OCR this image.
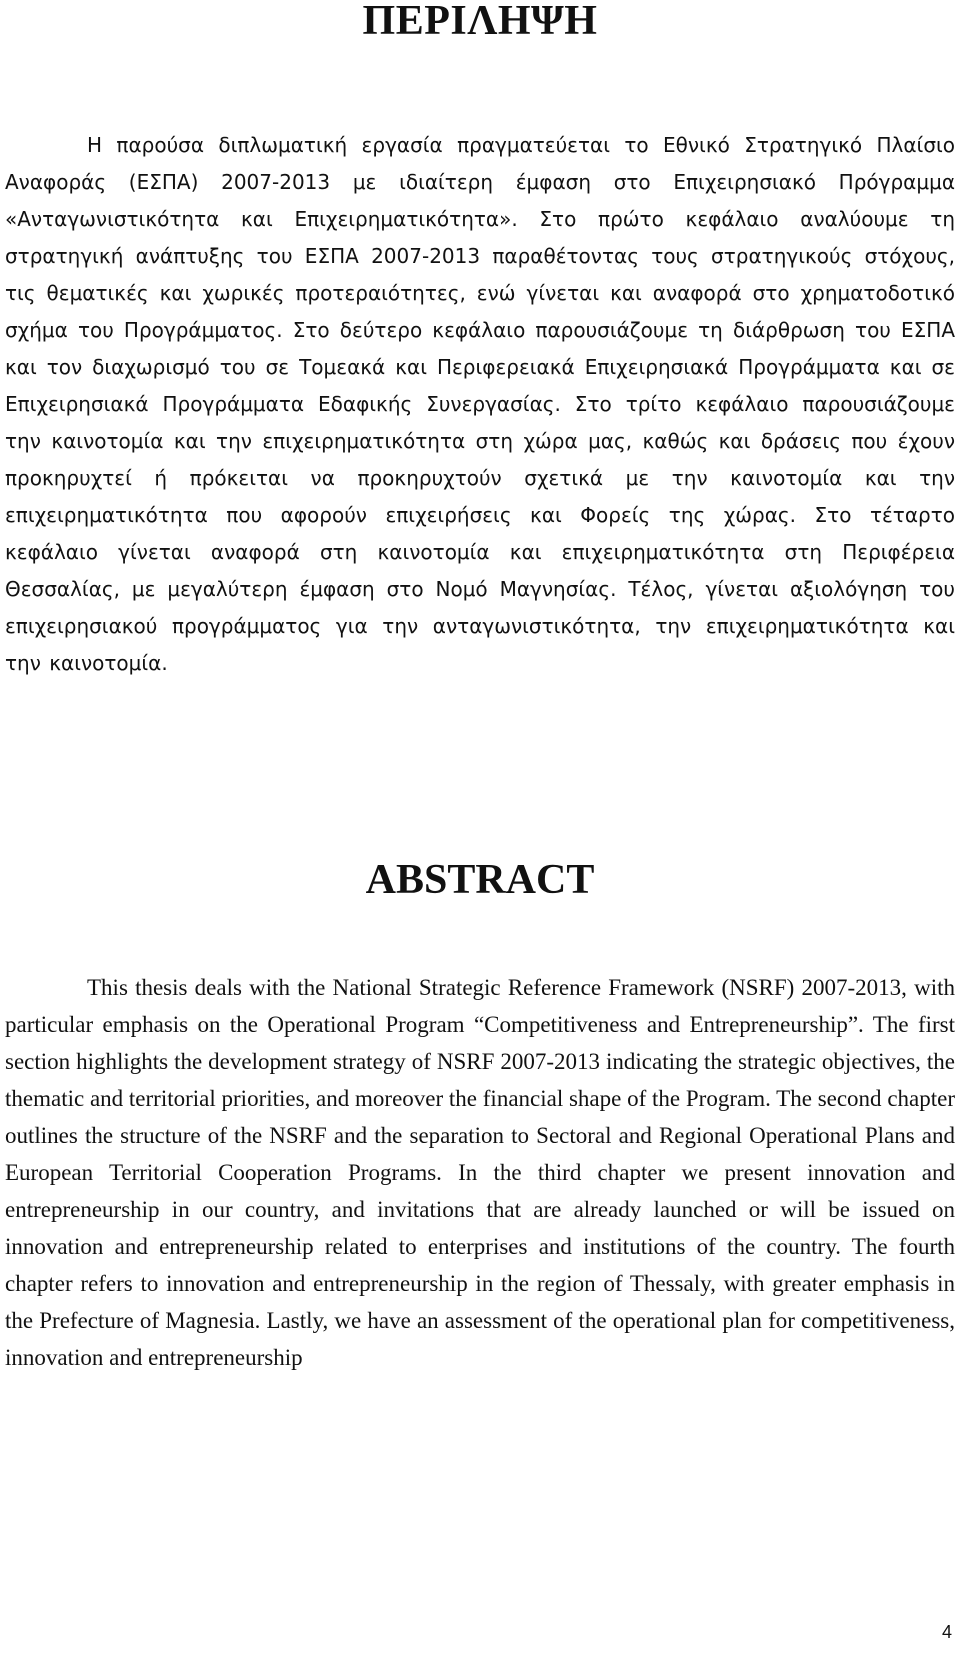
ΠΕΡΙΛΗΨΗ

Η παρούσα διπλωματική εργασία πραγματεύεται το Εθνικό Στρατηγικό Πλαίσιο Αναφοράς (ΕΣΠΑ) 2007-2013 με ιδιαίτερη έμφαση στο Επιχειρησιακό Πρόγραμμα «Ανταγωνιστικότητα και Επιχειρηματικότητα». Στο πρώτο κεφάλαιο αναλύουμε τη στρατηγική ανάπτυξης του ΕΣΠΑ 2007-2013 παραθέτοντας τους στρατηγικούς στόχους, τις θεματικές και χωρικές προτεραιότητες, ενώ γίνεται και αναφορά στο χρηματοδοτικό σχήμα του Προγράμματος. Στο δεύτερο κεφάλαιο παρουσιάζουμε τη διάρθρωση του ΕΣΠΑ και τον διαχωρισμό του σε Τομεακά και Περιφερειακά Επιχειρησιακά Προγράμματα και σε Επιχειρησιακά Προγράμματα Εδαφικής Συνεργασίας. Στο τρίτο κεφάλαιο παρουσιάζουμε την καινοτομία και την επιχειρηματικότητα στη χώρα μας, καθώς και δράσεις που έχουν προκηρυχτεί ή πρόκειται να προκηρυχτούν σχετικά με την καινοτομία και την επιχειρηματικότητα που αφορούν επιχειρήσεις και Φορείς της χώρας. Στο τέταρτο κεφάλαιο γίνεται αναφορά στη καινοτομία και επιχειρηματικότητα στη Περιφέρεια Θεσσαλίας, με μεγαλύτερη έμφαση στο Νομό Μαγνησίας. Τέλος, γίνεται αξιολόγηση του επιχειρησιακού προγράμματος για την ανταγωνιστικότητα, την επιχειρηματικότητα και την καινοτομία.

ABSTRACT

This thesis deals with the National Strategic Reference Framework (NSRF) 2007-2013, with particular emphasis on the Operational Program “Competitiveness and Entrepreneurship”. The first section highlights the development strategy of NSRF 2007-2013 indicating the strategic objectives, the thematic and territorial priorities, and moreover the financial shape of the Program. The second chapter outlines the structure of the NSRF and the separation to Sectoral and Regional Operational Plans and European Territorial Cooperation Programs. In the third chapter we present innovation and entrepreneurship in our country, and invitations that are already launched or will be issued on innovation and entrepreneurship related to enterprises and institutions of the country. The fourth chapter refers to innovation and entrepreneurship in the region of Thessaly, with greater emphasis in the Prefecture of Magnesia. Lastly, we have an assessment of the operational plan for competitiveness, innovation and entrepreneurship

4
